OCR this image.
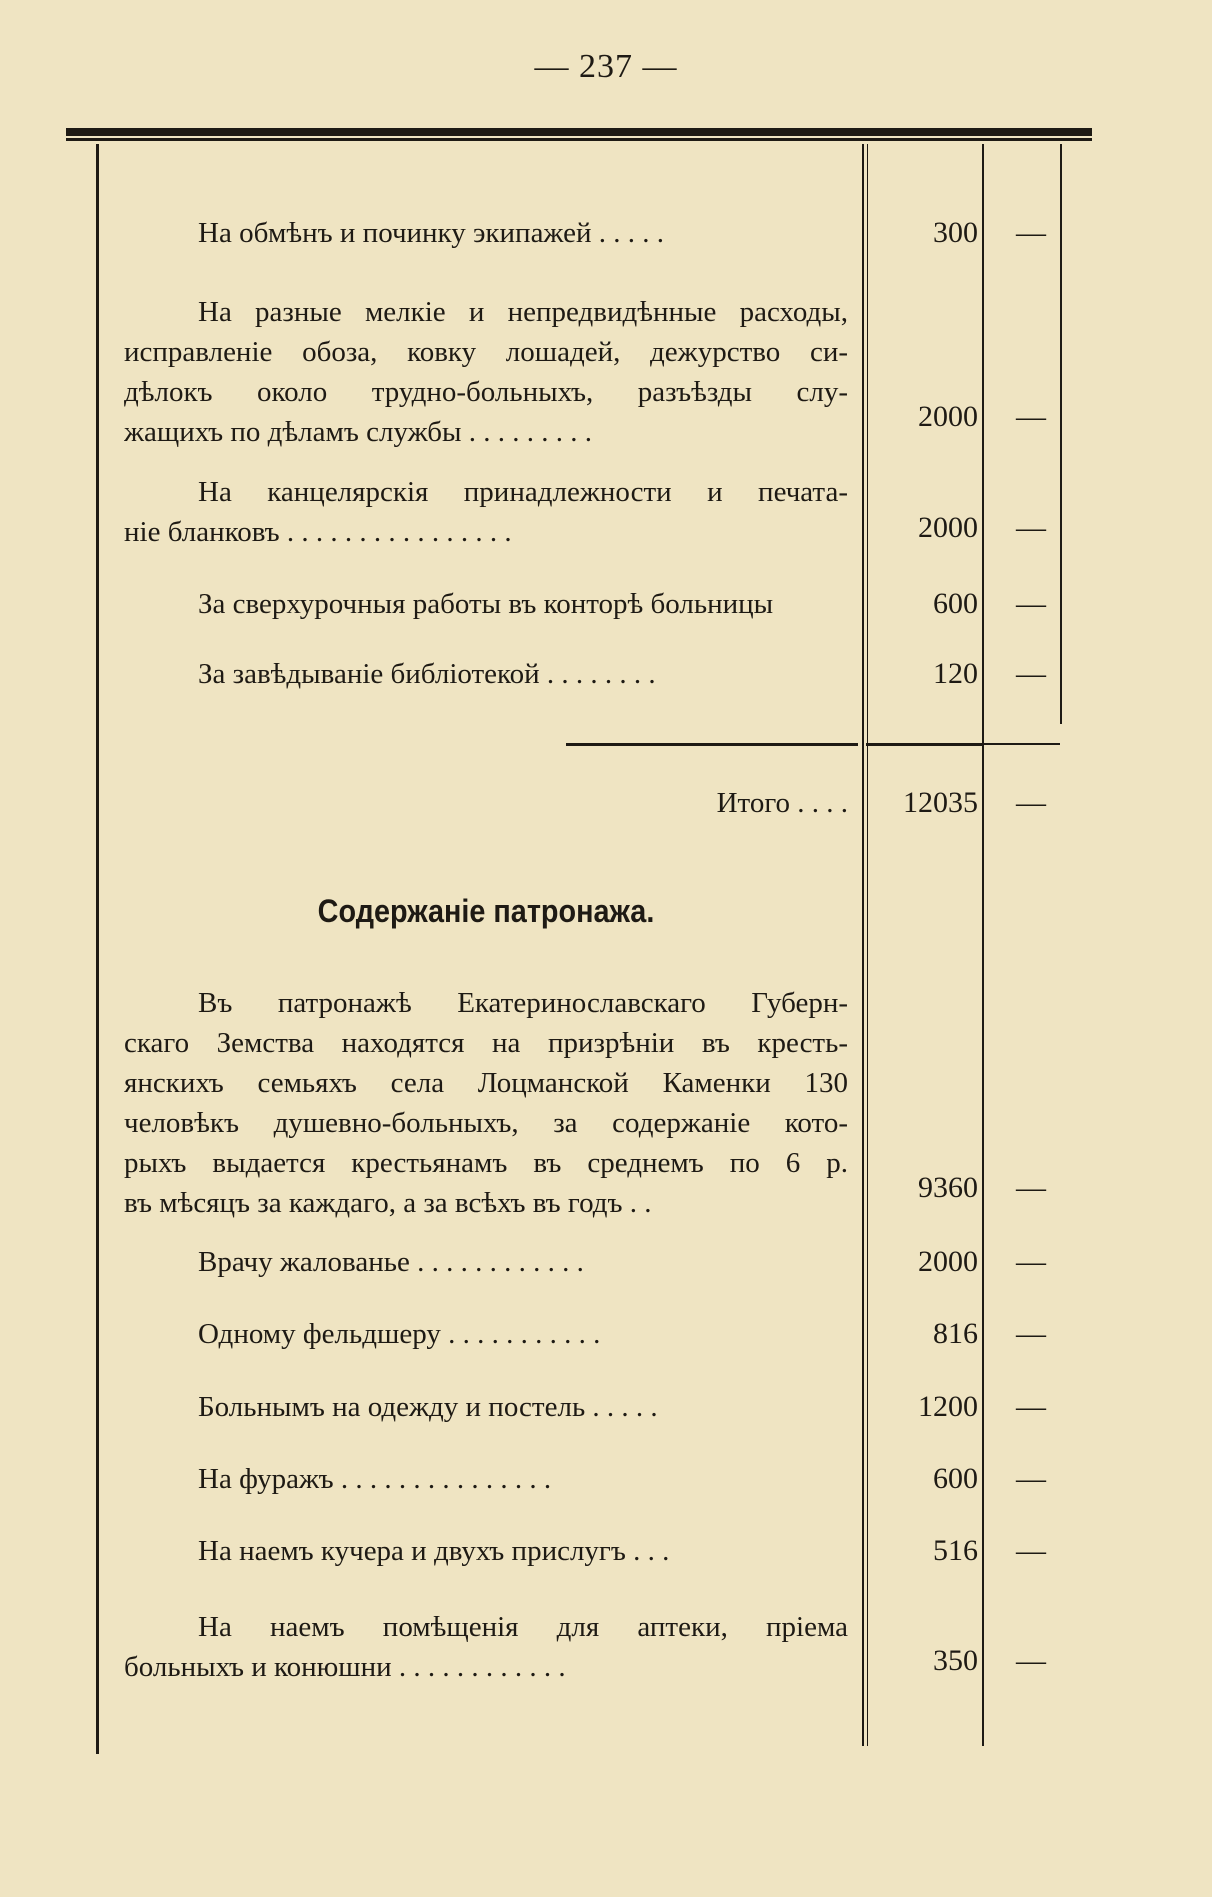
— 237 —
На обмѣнъ и починку экипажей . . . . .	300	—
На разные мелкіе и непредвидѣнные расходы,
исправленіе обоза, ковку лошадей, дежурство си-
дѣлокъ около трудно-больныхъ, разъѣзды слу-
жащихъ по дѣламъ службы . . . . . . . . .	2000	—
На канцелярскія принадлежности и печата-
ніе бланковъ . . . . . . . . . . . . . . . .	2000	—
За сверхурочныя работы въ конторѣ больницы	600	—
За завѣдываніе библіотекой . . . . . . . .	120	—
Итого . . . .	12035	—
Содержаніе патронажа.
Въ патронажѣ Екатеринославскаго Губерн-
скаго Земства находятся на призрѣніи въ кресть-
янскихъ семьяхъ села Лоцманской Каменки 130
человѣкъ душевно-больныхъ, за содержаніе кото-
рыхъ выдается крестьянамъ въ среднемъ по 6 р.
въ мѣсяцъ за каждаго, а за всѣхъ въ годъ . .	9360	—
Врачу жалованье . . . . . . . . . . . .	2000	—
Одному фельдшеру . . . . . . . . . . .	816	—
Больнымъ на одежду и постель . . . . .	1200	—
На фуражъ . . . . . . . . . . . . . . .	600	—
На наемъ кучера и двухъ прислугъ . . .	516	—
На наемъ помѣщенія для аптеки, пріема
больныхъ и конюшни . . . . . . . . . . . .	350	—
